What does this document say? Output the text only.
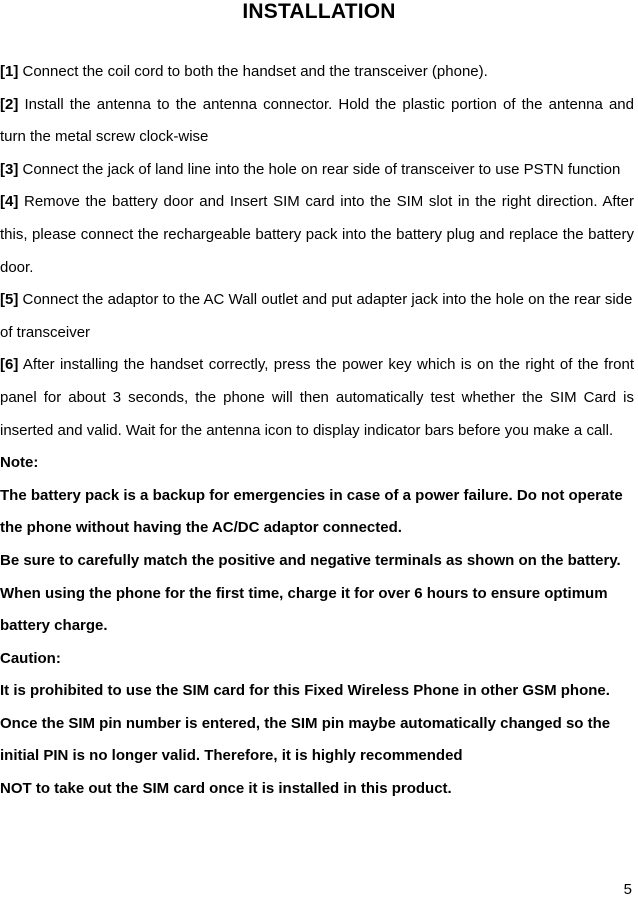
INSTALLATION

[1] Connect the coil cord to both the handset and the transceiver (phone).

[2] Install the antenna to the antenna connector. Hold the plastic portion of the antenna and turn the metal screw clock-wise

[3] Connect the jack of land line into the hole on rear side of transceiver to use PSTN function

[4] Remove the battery door and Insert SIM card into the SIM slot in the right direction. After this, please connect the rechargeable battery pack into the battery plug and replace the battery door.

[5] Connect the adaptor to the AC Wall outlet and put adapter jack into the hole on the rear side of transceiver

[6] After installing the handset correctly, press the power key which is on the right of the front panel for about 3 seconds, the phone will then automatically test whether the SIM Card is inserted and valid. Wait for the antenna icon to display indicator bars before you make a call.

Note:

The battery pack is a backup for emergencies in case of a power failure. Do not operate the phone without having the AC/DC adaptor connected.

Be sure to carefully match the positive and negative terminals as shown on the battery. When using the phone for the first time, charge it for over 6 hours to ensure optimum battery charge.

Caution:

It is prohibited to use the SIM card for this Fixed Wireless Phone in other GSM phone. Once the SIM pin number is entered, the SIM pin maybe automatically changed so the initial PIN is no longer valid. Therefore, it is highly recommended

NOT to take out the SIM card once it is installed in this product.

5
